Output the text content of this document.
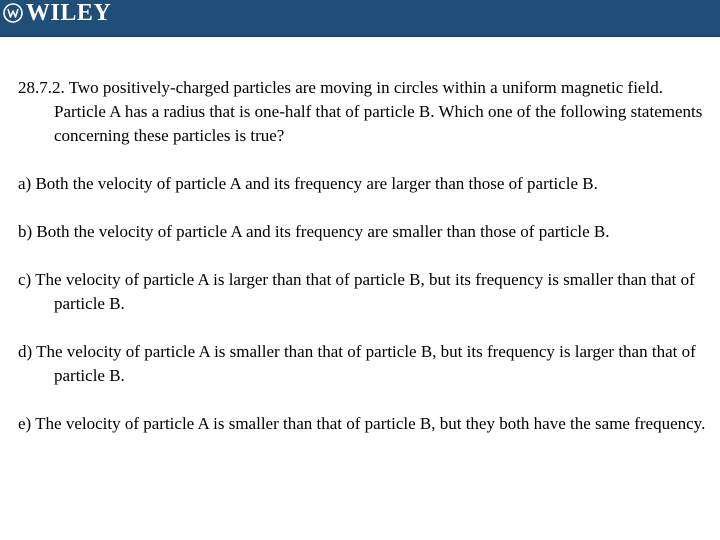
WILEY

28.7.2. Two positively-charged particles are moving in circles within a uniform magnetic field. Particle A has a radius that is one-half that of particle B. Which one of the following statements concerning these particles is true?

a) Both the velocity of particle A and its frequency are larger than those of particle B.

b) Both the velocity of particle A and its frequency are smaller than those of particle B.

c) The velocity of particle A is larger than that of particle B, but its frequency is smaller than that of particle B.

d) The velocity of particle A is smaller than that of particle B, but its frequency is larger than that of particle B.

e) The velocity of particle A is smaller than that of particle B, but they both have the same frequency.
